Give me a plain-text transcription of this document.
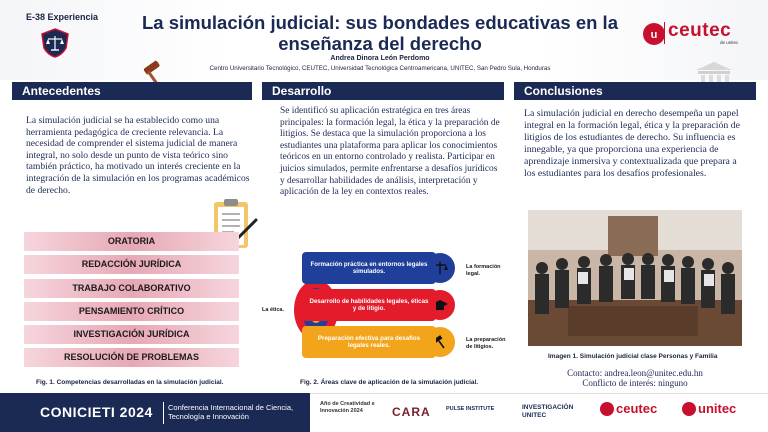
E-38 Experiencia La simulación judicial: sus bondades educativas en la enseñanza del derecho
Andrea Dinora León Perdomo
Centro Universitario Tecnológico, CEUTEC, Universidad Tecnológica Centroamericana, UNITEC, San Pedro Sula, Honduras
u ceutec
de unitec
Antecedentes	Desarrollo	Conclusiones
La simulación judicial se ha establecido como una herramienta pedagógica de creciente relevancia. La necesidad de comprender el sistema judicial de manera integral, no solo desde un punto de vista teórico sino también práctico, ha motivado un interés creciente en la integración de la simulación en los programas académicos de derecho.
ORATORIA
REDACCIÓN JURÍDICA
TRABAJO COLABORATIVO
PENSAMIENTO CRÍTICO
INVESTIGACIÓN JURÍDICA
RESOLUCIÓN DE PROBLEMAS
Fig. 1. Competencias desarrolladas en la simulación judicial.
Se identificó su aplicación estratégica en tres áreas principales: la formación legal, la ética y la preparación de litigios. Se destaca que la simulación proporciona a los estudiantes una plataforma para aplicar los conocimientos teóricos en un entorno controlado y realista. Participar en juicios simulados, permite enfrentarse a desafíos jurídicos y desarrollar habilidades de análisis, interpretación y aplicación de la ley en contextos reales.
Formación práctica en entornos legales simulados.
Desarrollo de habilidades legales, éticas y de litigio.
Preparación efectiva para desafíos legales reales.
La formación legal.
La ética.
La preparación de litigios.
Fig. 2. Áreas clave de aplicación de la simulación judicial.
La simulación judicial en derecho desempeña un papel integral en la formación legal, ética y la preparación de litigios de los estudiantes de derecho. Su influencia es innegable, ya que proporciona una experiencia de aprendizaje inmersiva y contextualizada que prepara a los estudiantes para los desafíos profesionales.
Imagen 1. Simulación judicial clase Personas y Familia
Contacto: andrea.leon@unitec.edu.hn
Conflicto de interés: ninguno
CONICIETI 2024 Conferencia Internacional de Ciencia, Tecnología e Innovación
Año de Creatividad e Innovación 2024	CARA	PULSE INSTITUTE	INVESTIGACIÓN UNITEC	ceutec	unitec
